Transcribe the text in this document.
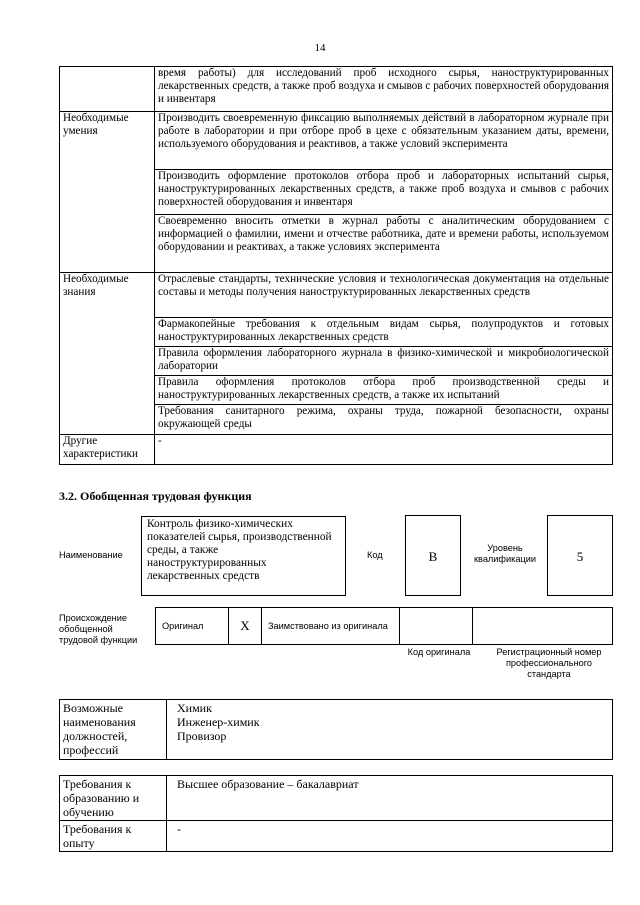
14
	время работы) для исследований проб исходного сырья, наноструктурированных лекарственных средств, а также проб воздуха и смывов с рабочих поверхностей оборудования и инвентаря
Необходимые умения	Производить своевременную фиксацию выполняемых действий в лабораторном журнале при работе в лаборатории и при отборе проб в цехе с обязательным указанием даты, времени, используемого оборудования и реактивов, а также условий эксперимента
	Производить оформление протоколов отбора проб и лабораторных испытаний сырья, наноструктурированных лекарственных средств, а также проб воздуха и смывов с рабочих поверхностей оборудования и инвентаря
	Своевременно вносить отметки в журнал работы с аналитическим оборудованием с информацией о фамилии, имени и отчестве работника, дате и времени работы, используемом оборудовании и реактивах, а также условиях эксперимента
Необходимые знания	Отраслевые стандарты, технические условия и технологическая документация на отдельные составы и методы получения наноструктурированных лекарственных средств
	Фармакопейные требования к отдельным видам сырья, полупродуктов и готовых наноструктурированных лекарственных средств
	Правила оформления лабораторного журнала в физико-химической и микробиологической лаборатории
	Правила оформления протоколов отбора проб производственной среды и наноструктурированных лекарственных средств, а также их испытаний
	Требования санитарного режима, охраны труда, пожарной безопасности, охраны окружающей среды
Другие характеристики	-
3.2. Обобщенная трудовая функция
Наименование
Контроль физико-химических показателей сырья, производственной среды, а также наноструктурированных лекарственных средств
Код	B
Уровень квалификации	5
Происхождение обобщенной трудовой функции
Оригинал	X	Заимствовано из оригинала		
Код оригинала	Регистрационный номер профессионального стандарта
Возможные наименования должностей, профессий	
Химик
Инженер-химик
Провизор
Требования к образованию и обучению	Высшее образование – бакалавриат
Требования к опыту	-
